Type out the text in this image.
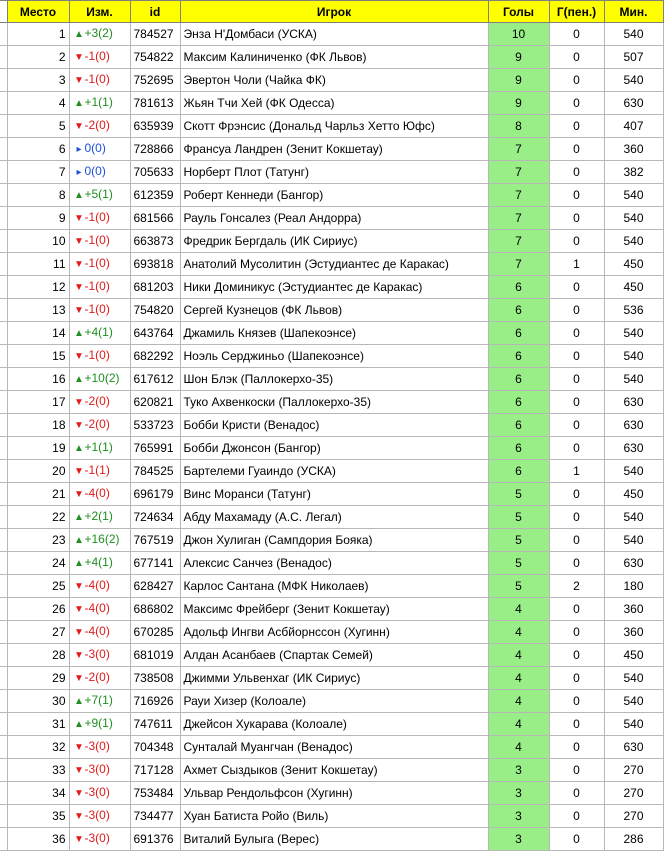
	Место	Изм.	id	Игрок	Голы	Г(пен.)	Мин.
	1	▲+3(2)	784527	Энза Н'Домбаси (УСКА)	10	0	540
	2	▼-1(0)	754822	Максим Калиниченко (ФК Львов)	9	0	507
	3	▼-1(0)	752695	Эвертон Чоли (Чайка ФК)	9	0	540
	4	▲+1(1)	781613	Жьян Тчи Хей (ФК Одесса)	9	0	630
	5	▼-2(0)	635939	Скотт Фрэнсис (Дональд Чарльз Хетто Юфс)	8	0	407
	6	▸ 0(0)	728866	Франсуа Ландрен (Зенит Кокшетау)	7	0	360
	7	▸ 0(0)	705633	Норберт Плот (Татунг)	7	0	382
	8	▲+5(1)	612359	Роберт Кеннеди (Бангор)	7	0	540
	9	▼-1(0)	681566	Рауль Гонсалез (Реал Андорра)	7	0	540
	10	▼-1(0)	663873	Фредрик Бергдаль (ИК Сириус)	7	0	540
	11	▼-1(0)	693818	Анатолий Мусолитин (Эстудиантес де Каракас)	7	1	450
	12	▼-1(0)	681203	Ники Доминикус (Эстудиантес де Каракас)	6	0	450
	13	▼-1(0)	754820	Сергей Кузнецов (ФК Львов)	6	0	536
	14	▲+4(1)	643764	Джамиль Князев (Шапекоэнсе)	6	0	540
	15	▼-1(0)	682292	Ноэль Серджиньо (Шапекоэнсе)	6	0	540
	16	▲+10(2)	617612	Шон Блэк (Паллокерхо-35)	6	0	540
	17	▼-2(0)	620821	Туко Ахвенкоски (Паллокерхо-35)	6	0	630
	18	▼-2(0)	533723	Бобби Кристи (Венадос)	6	0	630
	19	▲+1(1)	765991	Бобби Джонсон (Бангор)	6	0	630
	20	▼-1(1)	784525	Бартелеми Гуаиндо (УСКА)	6	1	540
	21	▼-4(0)	696179	Винс Моранси (Татунг)	5	0	450
	22	▲+2(1)	724634	Абду Махамаду (А.С. Легал)	5	0	540
	23	▲+16(2)	767519	Джон Хулиган (Сампдория Бояка)	5	0	540
	24	▲+4(1)	677141	Алексис Санчез (Венадос)	5	0	630
	25	▼-4(0)	628427	Карлос Сантана (МФК Николаев)	5	2	180
	26	▼-4(0)	686802	Максимс Фрейберг (Зенит Кокшетау)	4	0	360
	27	▼-4(0)	670285	Адольф Ингви Асбйорнссон (Хугинн)	4	0	360
	28	▼-3(0)	681019	Алдан Асанбаев (Спартак Семей)	4	0	450
	29	▼-2(0)	738508	Джимми Ульвенхаг (ИК Сириус)	4	0	540
	30	▲+7(1)	716926	Рауи Хизер (Колоале)	4	0	540
	31	▲+9(1)	747611	Джейсон Хукарава (Колоале)	4	0	540
	32	▼-3(0)	704348	Сунталай Муангчан (Венадос)	4	0	630
	33	▼-3(0)	717128	Ахмет Сыздыков (Зенит Кокшетау)	3	0	270
	34	▼-3(0)	753484	Ульвар Рендольфсон (Хугинн)	3	0	270
	35	▼-3(0)	734477	Хуан Батиста Ройо (Виль)	3	0	270
	36	▼-3(0)	691376	Виталий Булыга (Верес)	3	0	286
